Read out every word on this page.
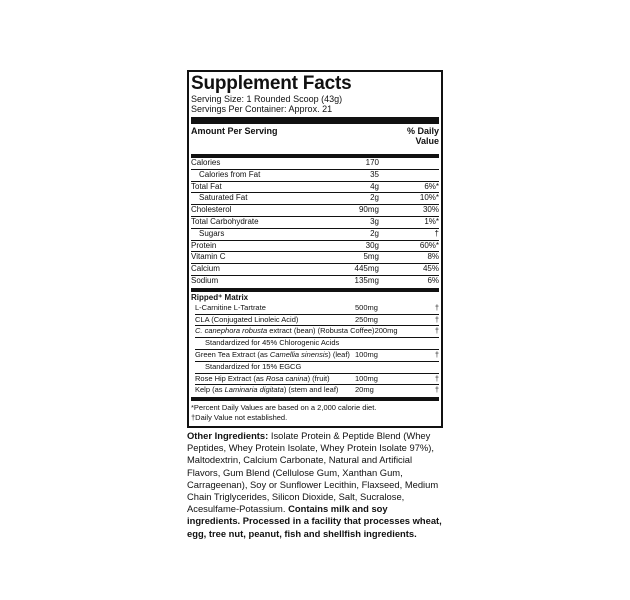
Supplement Facts
Serving Size: 1 Rounded Scoop (43g)
Servings Per Container: Approx. 21
Amount Per Serving	% Daily
Value
Calories	170
Calories from Fat	35
Total Fat	4g	6%*
Saturated Fat	2g	10%*
Cholesterol	90mg	30%
Total Carbohydrate	3g	1%*
Sugars	2g	†
Protein	30g	60%*
Vitamin C	5mg	8%
Calcium	445mg	45%
Sodium	135mg	6%
Ripped⁺ Matrix
L-Carnitine L-Tartrate	500mg	†
CLA (Conjugated Linoleic Acid)	250mg	†
C. canephora robusta extract (bean) (Robusta Coffee) 200mg	†
Standardized for 45% Chlorogenic Acids
Green Tea Extract (as Camellia sinensis) (leaf) 100mg	†
Standardized for 15% EGCG
Rose Hip Extract (as Rosa canina) (fruit)	100mg	†
Kelp (as Laminaria digitata) (stem and leaf)	20mg	†
*Percent Daily Values are based on a 2,000 calorie diet.
†Daily Value not established.
Other Ingredients: Isolate Protein & Peptide Blend (Whey Peptides, Whey Protein Isolate, Whey Protein Isolate 97%), Maltodextrin, Calcium Carbonate, Natural and Artificial Flavors, Gum Blend (Cellulose Gum, Xanthan Gum, Carrageenan), Soy or Sunflower Lecithin, Flaxseed, Medium Chain Triglycerides, Silicon Dioxide, Salt, Sucralose, Acesulfame-Potassium. Contains milk and soy ingredients. Processed in a facility that processes wheat, egg, tree nut, peanut, fish and shellfish ingredients.
